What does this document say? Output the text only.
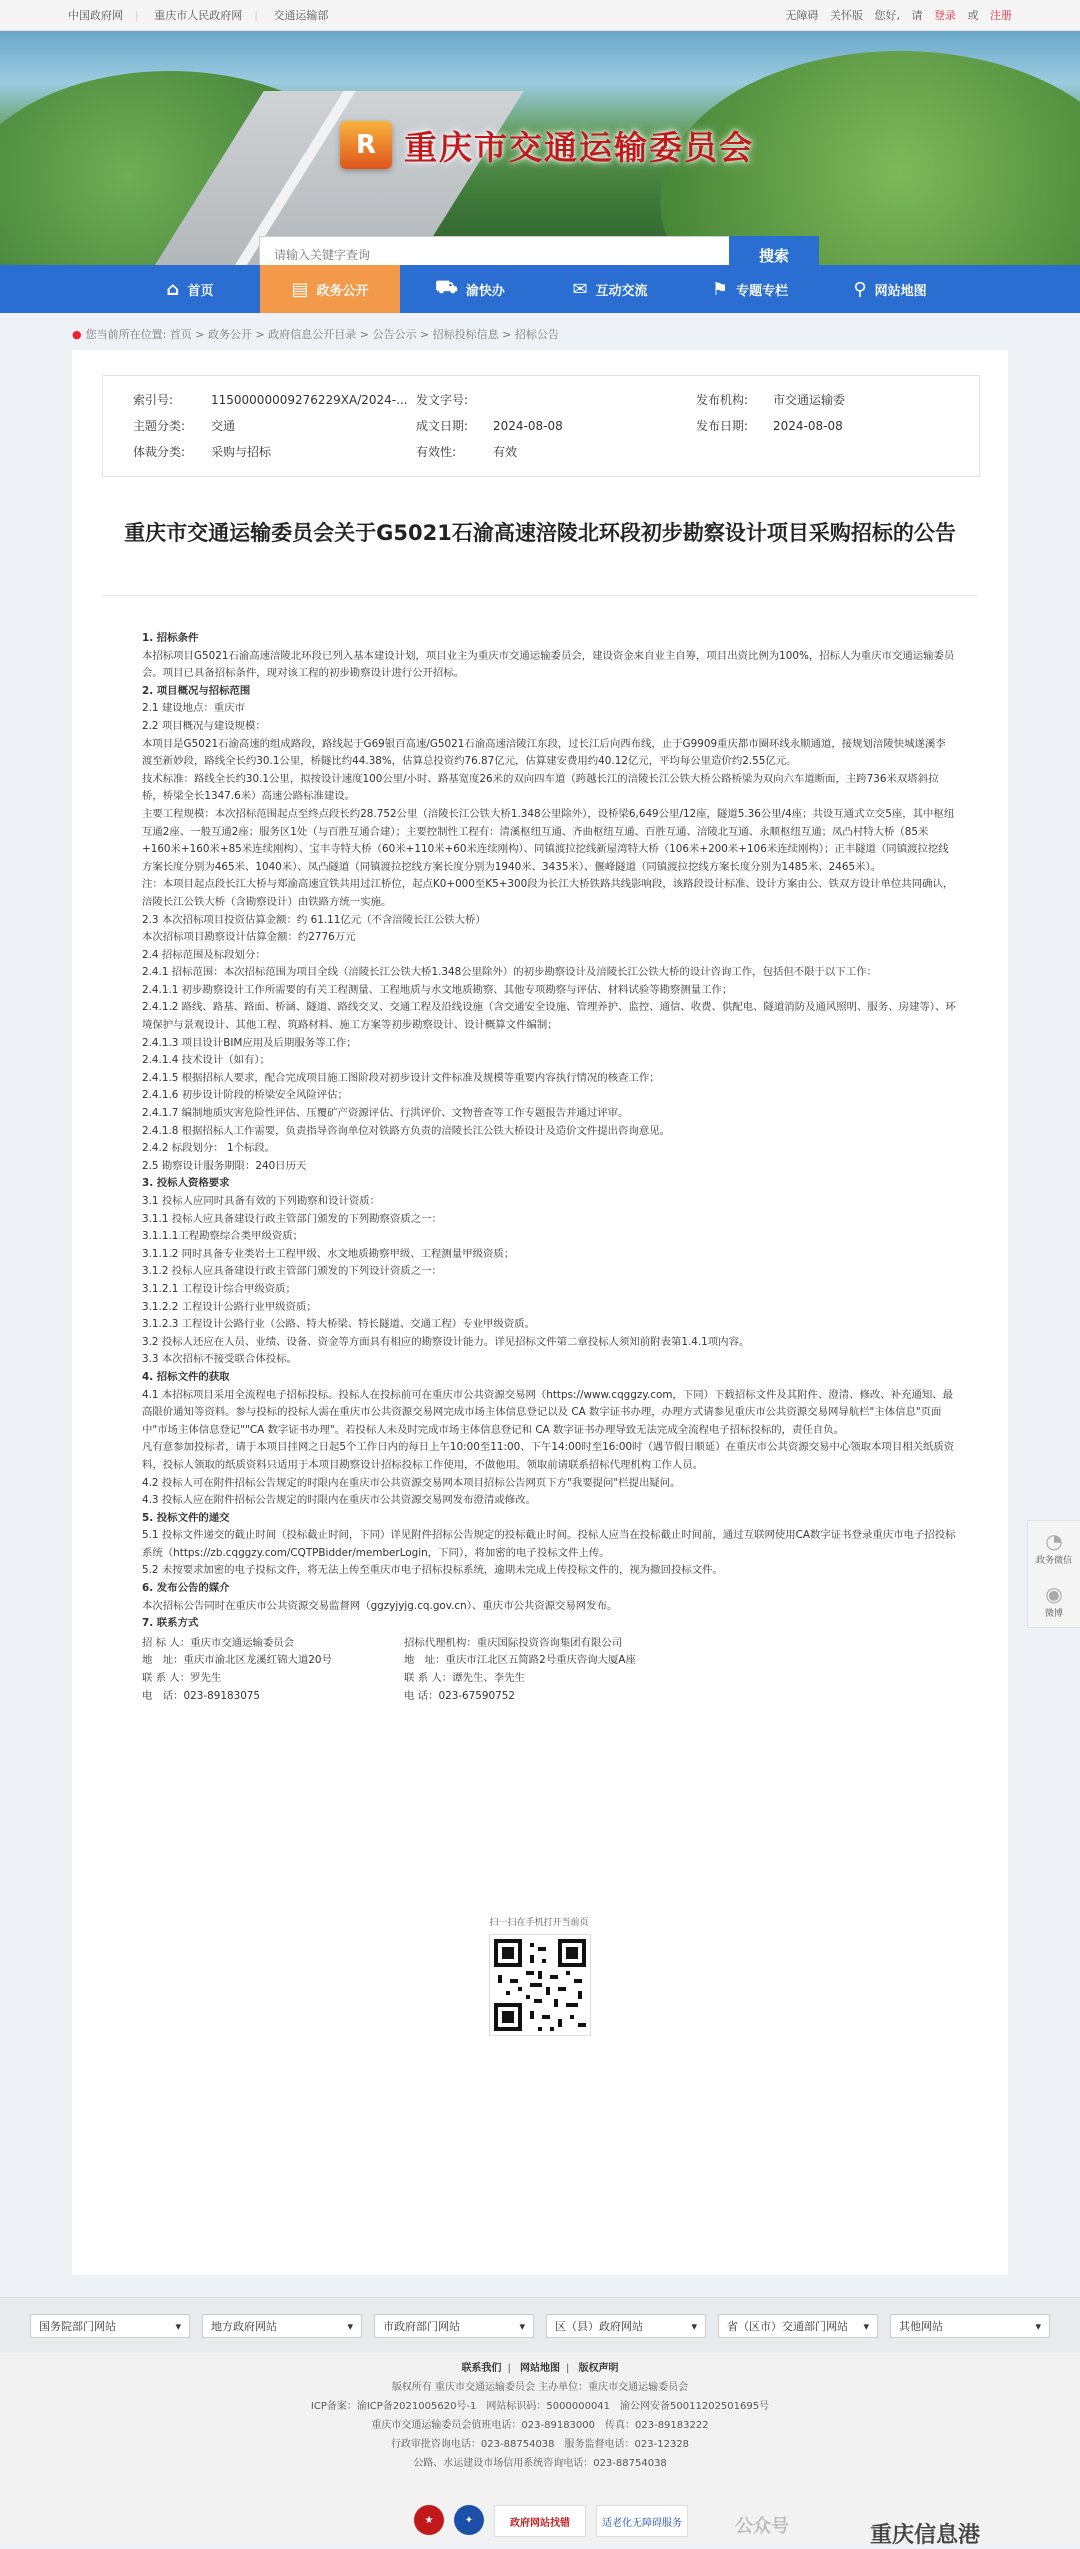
中国政府网 | 重庆市人民政府网 | 交通运输部	无障碍 关怀版 您好, 请 登录 或 注册
R 重庆市交通运输委员会
请输入关键字查询
搜索
⌂ 首页	▤ 政务公开	⛟ 渝快办	✉ 互动交流	⚑ 专题专栏	⚲ 网站地图
● 您当前所在位置: 首页 > 政务公开 > 政府信息公开目录 > 公告公示 > 招标投标信息 > 招标公告
索引号:	11500000009276229XA/2024-... 发文字号:	发布机构: 市交通运输委
主题分类: 交通	成文日期: 2024-08-08	发布日期: 2024-08-08
体裁分类: 采购与招标	有效性:	有效
重庆市交通运输委员会关于G5021石渝高速涪陵北环段初步勘察设计项目采购招标的公告

1. 招标条件

本招标项目G5021石渝高速涪陵北环段已列入基本建设计划，项目业主为重庆市交通运输委员会，建设资金来自业主自筹，项目出资比例为100%，招标人为重庆市交通运输委员会。项目已具备招标条件，现对该工程的初步勘察设计进行公开招标。

2. 项目概况与招标范围

2.1 建设地点：重庆市

2.2 项目概况与建设规模：

本项目是G5021石渝高速的组成路段，路线起于G69银百高速/G5021石渝高速涪陵江东段，过长江后向西布线，止于G9909重庆都市圈环线永顺通道，接规划涪陵快城遂溪李渡至新妙段，路线全长约30.1公里，桥隧比约44.38%，估算总投资约76.87亿元，估算建安费用约40.12亿元，平均每公里造价约2.55亿元。

技术标准：路线全长约30.1公里，拟按设计速度100公里/小时、路基宽度26米的双向四车道（跨越长江的涪陵长江公铁大桥公路桥梁为双向六车道断面，主跨736米双塔斜拉桥，桥梁全长1347.6米）高速公路标准建设。

主要工程规模：本次招标范围起点至终点段长约28.752公里（涪陵长江公铁大桥1.348公里除外），设桥梁6,649公里/12座，隧道5.36公里/4座；共设互通式立交5座，其中枢纽互通2座、一般互通2座；服务区1处（与百胜互通合建）；主要控制性工程有：清溪枢纽互通、齐曲枢纽互通、百胜互通、涪陵北互通、永顺枢纽互通；凤凸村特大桥（85米+160米+160米+85米连续刚构）、宝丰寺特大桥（60米+110米+60米连续刚构）、同镇渡拉挖线新屋湾特大桥（106米+200米+106米连续刚构）；正丰隧道（同镇渡拉挖线方案长度分别为465米、1040米）、凤凸隧道（同镇渡拉挖线方案长度分别为1940米、3435米）、偃峰隧道（同镇渡拉挖线方案长度分别为1485米、2465米）。

注：本项目起点段长江大桥与郑渝高速宜铁共用过江桥位，起点K0+000至K5+300段为长江大桥铁路共线影响段，该路段设计标准、设计方案由公、铁双方设计单位共同确认，涪陵长江公铁大桥（含勘察设计）由铁路方统一实施。

2.3 本次招标项目投资估算金额：约 61.11亿元（不含涪陵长江公铁大桥）

本次招标项目勘察设计估算金额：约2776万元

2.4 招标范围及标段划分：

2.4.1 招标范围：本次招标范围为项目全线（涪陵长江公铁大桥1.348公里除外）的初步勘察设计及涪陵长江公铁大桥的设计咨询工作，包括但不限于以下工作：

2.4.1.1 初步勘察设计工作所需要的有关工程测量、工程地质与水文地质勘察、其他专项勘察与评估、材料试验等勘察测量工作；

2.4.1.2 路线、路基、路面、桥涵、隧道、路线交叉、交通工程及沿线设施（含交通安全设施、管理养护、监控、通信、收费、供配电、隧道消防及通风照明、服务、房建等）、环境保护与景观设计、其他工程、筑路材料、施工方案等初步勘察设计、设计概算文件编制；

2.4.1.3 项目设计BIM应用及后期服务等工作；

2.4.1.4 技术设计（如有）；

2.4.1.5 根据招标人要求，配合完成项目施工图阶段对初步设计文件标准及规模等重要内容执行情况的核查工作；

2.4.1.6 初步设计阶段的桥梁安全风险评估；

2.4.1.7 编制地质灾害危险性评估、压覆矿产资源评估、行洪评价、文物普查等工作专题报告并通过评审。

2.4.1.8 根据招标人工作需要，负责指导咨询单位对铁路方负责的涪陵长江公铁大桥设计及造价文件提出咨询意见。

2.4.2 标段划分： 1个标段。

2.5 勘察设计服务期限：240日历天

3. 投标人资格要求

3.1 投标人应同时具备有效的下列勘察和设计资质：

3.1.1 投标人应具备建设行政主管部门颁发的下列勘察资质之一：

3.1.1.1工程勘察综合类甲级资质；

3.1.1.2 同时具备专业类岩土工程甲级、水文地质勘察甲级、工程测量甲级资质；

3.1.2 投标人应具备建设行政主管部门颁发的下列设计资质之一：

3.1.2.1 工程设计综合甲级资质；

3.1.2.2 工程设计公路行业甲级资质；

3.1.2.3 工程设计公路行业（公路、特大桥梁、特长隧道、交通工程）专业甲级资质。

3.2 投标人还应在人员、业绩、设备、资金等方面具有相应的勘察设计能力。详见招标文件第二章投标人须知前附表第1.4.1项内容。

3.3 本次招标不接受联合体投标。

4. 招标文件的获取

4.1 本招标项目采用全流程电子招标投标。投标人在投标前可在重庆市公共资源交易网（https://www.cqggzy.com，下同）下载招标文件及其附件、澄清、修改、补充通知、最高限价通知等资料。参与投标的投标人需在重庆市公共资源交易网完成市场主体信息登记以及 CA 数字证书办理，办理方式请参见重庆市公共资源交易网导航栏"主体信息"页面中"市场主体信息登记""CA 数字证书办理"。若投标人未及时完成市场主体信息登记和 CA 数字证书办理导致无法完成全流程电子招标投标的，责任自负。

凡有意参加投标者，请于本项目挂网之日起5个工作日内的每日上午10:00至11:00、下午14:00时至16:00时（遇节假日顺延）在重庆市公共资源交易中心领取本项目相关纸质资料，投标人领取的纸质资料只适用于本项目勘察设计招标投标工作使用，不做他用。领取前请联系招标代理机构工作人员。

4.2 投标人可在附件招标公告规定的时限内在重庆市公共资源交易网本项目招标公告网页下方"我要提问"栏提出疑问。

4.3 投标人应在附件招标公告规定的时限内在重庆市公共资源交易网发布澄清或修改。

5. 投标文件的递交

5.1 投标文件递交的截止时间（投标截止时间，下同）详见附件招标公告规定的投标截止时间。投标人应当在投标截止时间前，通过互联网使用CA数字证书登录重庆市电子招投标系统（https://zb.cqggzy.com/CQTPBidder/memberLogin，下同），将加密的电子投标文件上传。

5.2 未按要求加密的电子投标文件，将无法上传至重庆市电子招标投标系统，逾期未完成上传投标文件的，视为撤回投标文件。

6. 发布公告的媒介

本次招标公告同时在重庆市公共资源交易监督网（ggzyjyjg.cq.gov.cn）、重庆市公共资源交易网发布。

7. 联系方式

招 标 人：重庆市交通运输委员会	招标代理机构：重庆国际投资咨询集团有限公司
地　址：重庆市渝北区龙溪红锦大道20号	地　址：重庆市江北区五简路2号重庆咨询大厦A座
联 系 人：罗先生	联 系 人：谭先生、李先生
电　话：023-89183075	电 话：023-67590752
扫一扫在手机打开当前页
◔
政务微信
◉
微博
国务院部门网站	▾	地方政府网站	▾	市政府部门网站	▾	区（县）政府网站	▾	省（区市）交通部门网站 ▾	其他网站	▾
联系我们 | 网站地图 | 版权声明
版权所有 重庆市交通运输委员会 主办单位：重庆市交通运输委员会
ICP备案：渝ICP备2021005620号-1　网站标识码：5000000041　渝公网安备50011202501695号
重庆市交通运输委员会值班电话：023-89183000　传真：023-89183222
行政审批咨询电话：023-88754038　服务监督电话：023-12328
公路、水运建设市场信用系统咨询电话：023-88754038
★	✦	政府网站找错	适老化无障碍服务	公众号	重庆信息港
